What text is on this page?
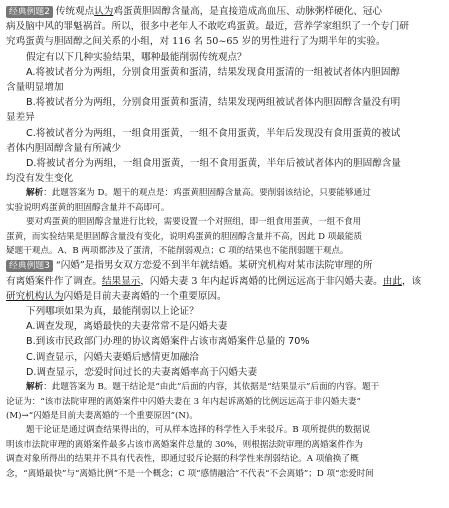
经典例题2 传统观点认为鸡蛋黄胆固醇含量高，是直接造成高血压、动脉粥样硬化、冠心
病及脑中风的罪魁祸首。所以，很多中老年人不敢吃鸡蛋黄。最近，营养学家组织了一个专门研
究鸡蛋黄与胆固醇之间关系的小组，对 116 名 50~65 岁的男性进行了为期半年的实验。
假定有以下几种实验结果，哪种最能削弱传统观点？
A.将被试者分为两组，分别食用蛋黄和蛋清，结果发现食用蛋清的一组被试者体内胆固醇
含量明显增加
B.将被试者分为两组，分别食用蛋黄和蛋清，结果发现两组被试者体内胆固醇含量没有明
显差异
C.将被试者分为两组，一组食用蛋黄，一组不食用蛋黄，半年后发现没有食用蛋黄的被试
者体内胆固醇含量有所减少
D.将被试者分为两组，一组食用蛋黄，一组不食用蛋黄，半年后被试者体内的胆固醇含量
均没有发生变化
解析：此题答案为 D。题干的观点是：鸡蛋黄胆固醇含量高。要削弱该结论，只要能够通过
实验说明鸡蛋黄的胆固醇含量并不高即可。
要对鸡蛋黄的胆固醇含量进行比较，需要设置一个对照组，即一组食用蛋黄，一组不食用
蛋黄，而实验结果是胆固醇含量没有变化，说明鸡蛋黄的胆固醇含量并不高，因此 D 项最能质
疑题干观点。A、B 两项都涉及了蛋清，不能削弱观点；C 项的结果也不能削弱题干观点。
经典例题3 “闪婚”是指男女双方恋爱不到半年就结婚。某研究机构对某市法院审理的所
有离婚案件作了调查。结果显示，闪婚夫妻 3 年内起诉离婚的比例远远高于非闪婚夫妻。由此，该
研究机构认为闪婚是目前夫妻离婚的一个重要原因。
下列哪项如果为真，最能削弱以上论证？
A.调查发现，离婚最快的夫妻常常不是闪婚夫妻
B.到该市民政部门办理的协议离婚案件占该市离婚案件总量的 70%
C.调查显示，闪婚夫妻婚后感情更加融洽
D.调查显示，恋爱时间过长的夫妻离婚率高于闪婚夫妻
解析：此题答案为 B。题干结论是“由此”后面的内容，其依据是“结果显示”后面的内容。题干
论证为：“该市法院审理的离婚案件中闪婚夫妻在 3 年内起诉离婚的比例远远高于非闪婚夫妻”
(M)→“闪婚是目前夫妻离婚的一个重要原因”(N)。
题干论证是通过调查结果得出的，可从样本选择的科学性入手来驳斥。B 项所提供的数据说
明该市法院审理的离婚案件最多占该市离婚案件总量的 30%，则根据法院审理的离婚案件作为
调查对象所得出的结果并不具有代表性，即通过驳斥论据的科学性来削弱结论。A 项偷换了概
念，“离婚最快”与“离婚比例”不是一个概念；C 项“感情融洽”不代表“不会离婚”；D 项“恋爱时间
